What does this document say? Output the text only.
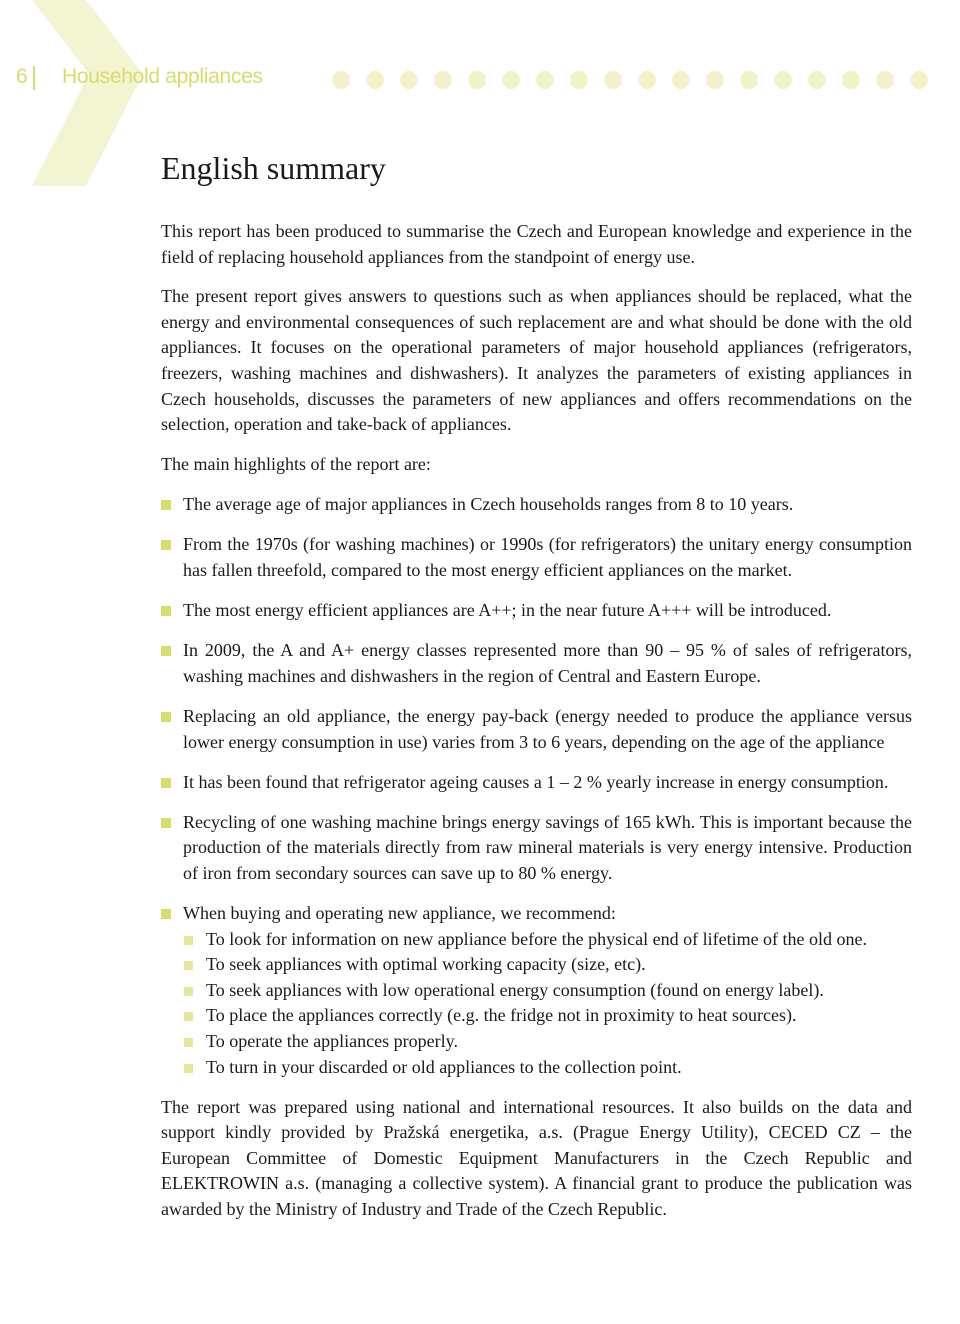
6 Household appliances
English summary

This report has been produced to summarise the Czech and European knowledge and experience in the field of replacing household appliances from the standpoint of energy use.

The present report gives answers to questions such as when appliances should be replaced, what the energy and environmental consequences of such replacement are and what should be done with the old appliances. It focuses on the operational parameters of major household appliances (refrigerators, freezers, washing machines and dishwashers). It analyzes the parameters of existing appliances in Czech households, discusses the parameters of new appliances and offers recommendations on the selection, operation and take-back of appliances.

The main highlights of the report are:

The average age of major appliances in Czech households ranges from 8 to 10 years.
From the 1970s (for washing machines) or 1990s (for refrigerators) the unitary energy consumption has fallen threefold, compared to the most energy efficient appliances on the market.
The most energy efficient appliances are A++; in the near future A+++ will be introduced.
In 2009, the A and A+ energy classes represented more than 90 – 95 % of sales of refrigerators, washing machines and dishwashers in the region of Central and Eastern Europe.
Replacing an old appliance, the energy pay-back (energy needed to produce the appliance versus lower energy consumption in use) varies from 3 to 6 years, depending on the age of the appliance
It has been found that refrigerator ageing causes a 1 – 2 % yearly increase in energy consumption.
Recycling of one washing machine brings energy savings of 165 kWh. This is important because the production of the materials directly from raw mineral materials is very energy intensive. Production of iron from secondary sources can save up to 80 % energy.
When buying and operating new appliance, we recommend:
To look for information on new appliance before the physical end of lifetime of the old one.
To seek appliances with optimal working capacity (size, etc).
To seek appliances with low operational energy consumption (found on energy label).
To place the appliances correctly (e.g. the fridge not in proximity to heat sources).
To operate the appliances properly.
To turn in your discarded or old appliances to the collection point.

The report was prepared using national and international resources. It also builds on the data and support kindly provided by Pražská energetika, a.s. (Prague Energy Utility), CECED CZ – the European Committee of Domestic Equipment Manufacturers in the Czech Republic and ELEKTROWIN a.s. (managing a collective system). A financial grant to produce the publication was awarded by the Ministry of Industry and Trade of the Czech Republic.
